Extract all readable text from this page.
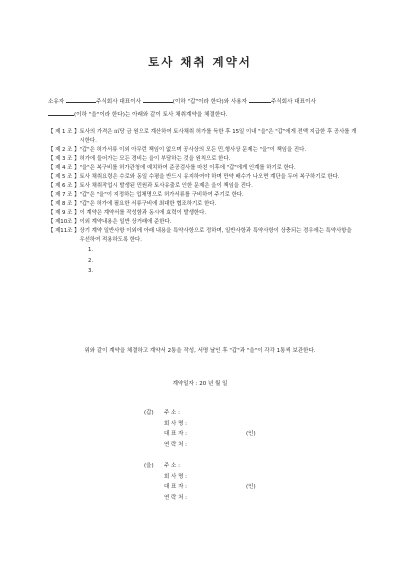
토사 채취 계약서
소유자	주식회사 대표이사	(이하 "갑"이라 한다)와 사용자	주식회사 대표이사
(이하 "을"이라 한다)는 아래와 같이 토사 채취계약을 체결한다.
【 제 1 조 】 토사의 가격은 ㎥당 금 원으로 계산하여 토사채취 허가를 득한 후 15일 이내 "을"은 "갑"에게 전액 지급한 후 공사를 개시한다.
【 제 2 조 】 "갑"은 허가서류 이외 아무런 책임이 없으며 공사상의 모든 민,형사상 문제는 "을"이 책임을 진다.
【 제 3 조 】 허가에 들어가는 모든 경비는 을이 부담하는 것을 원칙으로 한다.
【 제 4 조 】 "을"은 복구비를 허가관청에 예치하여 준공검사를 마친 이후에 "갑"에게 인계를 하기로 한다.
【 제 5 조 】 토사 채취요령은 수로와 동일 수평을 반드시 유지하여야 하며 만약 배수가 나오면 계단을 두어 복구하기로 한다.
【 제 6 조 】 토사 채취작업시 발생된 민원과 토사유출로 인한 문제은 을이 책임을 진다.
【 제 7 조 】 "갑"은 "을"이 지정하는 업체명으로 허가서류를 구비하여 주기로 한다.
【 제 8 조 】 "갑"은 허가에 필요한 서류구비에 최대한 협조하기로 한다.
【 제 9 조 】 이 계약은 계약서를 작성함과 동시에 효력이 발생한다.
【 제10조 】 이외 계약내용은 일반 상거래에 준한다.
【 제11조 】 상기 계약 일반사항 이외에 아래 내용을 특약사항으로 정하며, 일반사항과 특약사항이 상충되는 경우에는 특약사항을 우선하여 적용하도록 한다.
1.
2.
3.
위와 같이 계약을 체결하고 계약서 2통을 작성, 서명 날인 후 "갑"과 "을"이 각각 1통씩 보관한다.
계약일자 : 20 년 월 일
(갑)	주 소 :
회 사 명 :
대 표 자 :	(인)
연 락 처 :
(을)	주 소 :
회 사 명 :
대 표 자 :	(인)
연 락 처 :
